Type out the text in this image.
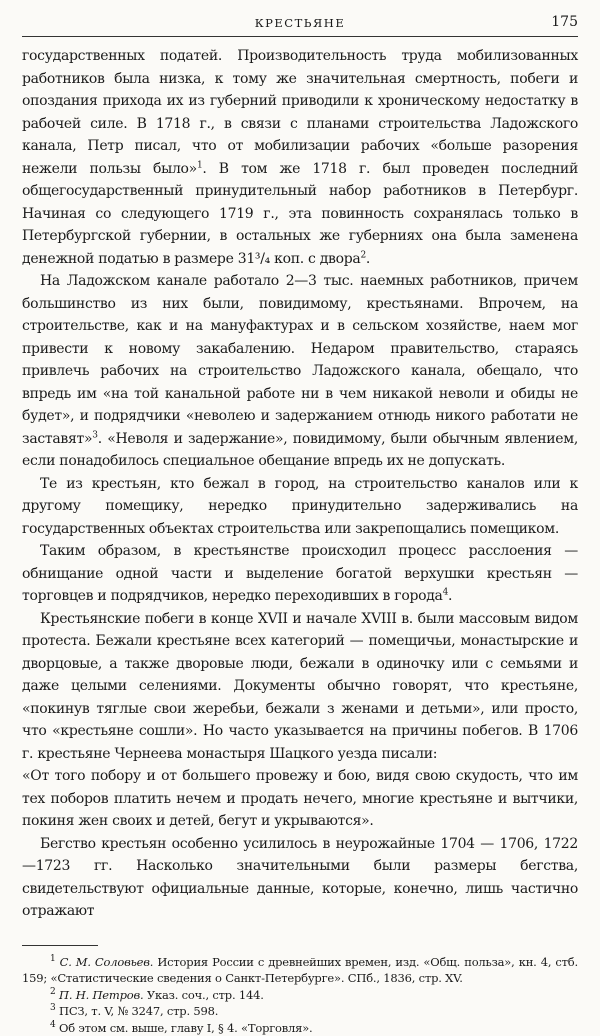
КРЕСТЬЯНЕ	175

государственных податей. Производительность труда мобилизованных работников была низка, к тому же значительная смертность, побеги и опоздания прихода их из губерний приводили к хроническому недостатку в рабочей силе. В 1718 г., в связи с планами строительства Ладожского канала, Петр писал, что от мобилизации рабочих «больше разорения нежели пользы было»$^1$. В том же 1718 г. был проведен последний общегосударственный принудительный набор работников в Петербург. Начиная со следующего 1719 г., эта повинность сохранялась только в Петербургской губернии, в остальных же губерниях она была заменена денежной податью в размере 31³/₄ коп. с двора$^2$.

На Ладожском канале работало 2—3 тыс. наемных работников, причем большинство из них были, повидимому, крестьянами. Впрочем, на строительстве, как и на мануфактурах и в сельском хозяйстве, наем мог привести к новому закабалению. Недаром правительство, стараясь привлечь рабочих на строительство Ладожского канала, обещало, что впредь им «на той канальной работе ни в чем никакой неволи и обиды не будет», и подрядчики «неволею и задержанием отнюдь никого работати не заставят»$^3$. «Неволя и задержание», повидимому, были обычным явлением, если понадобилось специальное обещание впредь их не допускать.

Те из крестьян, кто бежал в город, на строительство каналов или к другому помещику, нередко принудительно задерживались на государственных объектах строительства или закрепощались помещиком.

Таким образом, в крестьянстве происходил процесс расслоения — обнищание одной части и выделение богатой верхушки крестьян — торговцев и подрядчиков, нередко переходивших в города$^4$.

Крестьянские побеги в конце XVII и начале XVIII в. были массовым видом протеста. Бежали крестьяне всех категорий — помещичьи, монастырские и дворцовые, а также дворовые люди, бежали в одиночку или с семьями и даже целыми селениями. Документы обычно говорят, что крестьяне, «покинув тяглые свои жеребьи, бежали з женами и детьми», или просто, что «крестьяне сошли». Но часто указывается на причины побегов. В 1706 г. крестьяне Чернеева монастыря Шацкого уезда писали:

«От того побору и от большего провежу и бою, видя свою скудость, что им тех поборов платить нечем и продать нечего, многие крестьяне и вытчики, покиня жен своих и детей, бегут и укрываются».

Бегство крестьян особенно усилилось в неурожайные 1704 — 1706, 1722—1723 гг. Насколько значительными были размеры бегства, свидетельствуют официальные данные, которые, конечно, лишь частично отражают

$^1$ С. М. Соловьев. История России с древнейших времен, изд. «Общ. польза», кн. 4, стб. 159; «Статистические сведения о Санкт-Петербурге». СПб., 1836, стр. XV.

$^2$ П. Н. Петров. Указ. соч., стр. 144.

$^3$ ПСЗ, т. V, № 3247, стр. 598.

$^4$ Об этом см. выше, главу I, § 4. «Торговля».
